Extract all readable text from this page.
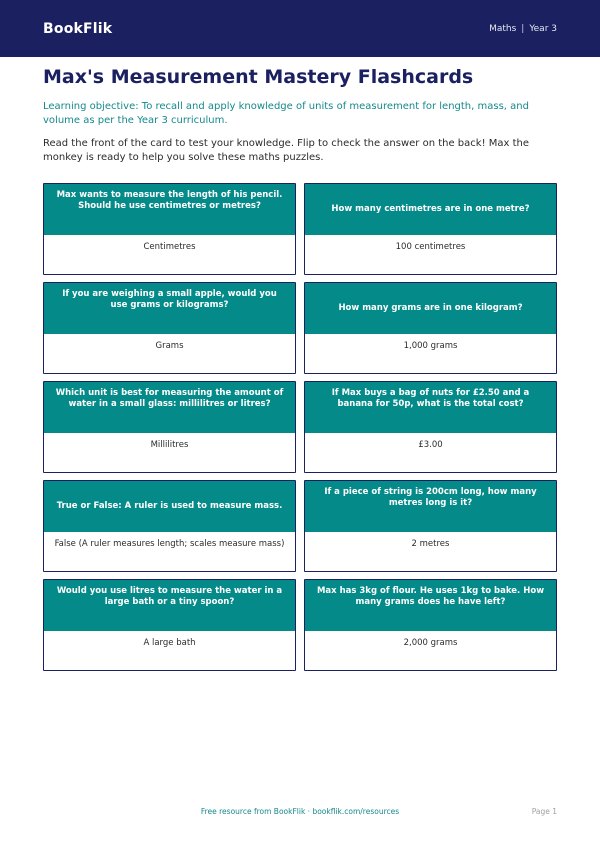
BookFlik	Maths | Year 3
Max's Measurement Mastery Flashcards

Learning objective: To recall and apply knowledge of units of measurement for length, mass, and volume as per the Year 3 curriculum.

Read the front of the card to test your knowledge. Flip to check the answer on the back! Max the monkey is ready to help you solve these maths puzzles.

Max wants to measure the length of his pencil. Should he use centimetres or metres?
Centimetres
How many centimetres are in one metre?
100 centimetres
If you are weighing a small apple, would you use grams or kilograms?
Grams
How many grams are in one kilogram?
1,000 grams
Which unit is best for measuring the amount of water in a small glass: millilitres or litres?
Millilitres
If Max buys a bag of nuts for £2.50 and a banana for 50p, what is the total cost?
£3.00
True or False: A ruler is used to measure mass.
False (A ruler measures length; scales measure mass)
If a piece of string is 200cm long, how many metres long is it?
2 metres
Would you use litres to measure the water in a large bath or a tiny spoon?
A large bath
Max has 3kg of flour. He uses 1kg to bake. How many grams does he have left?
2,000 grams
Free resource from BookFlik · bookflik.com/resources	Page 1
